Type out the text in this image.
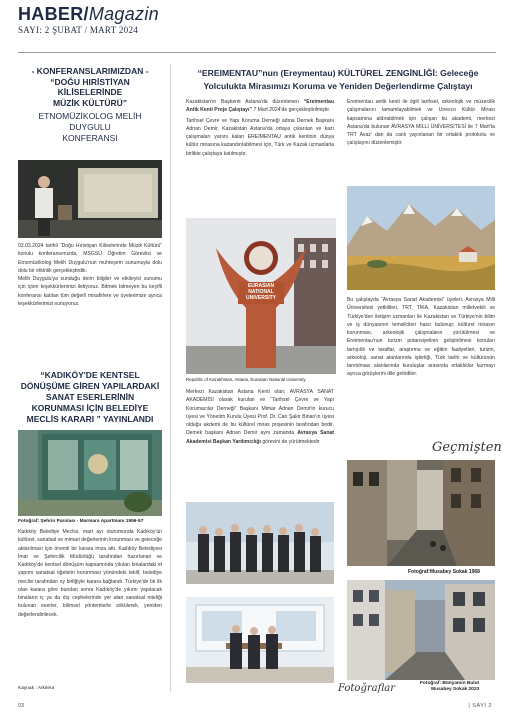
HABER/Magazin
SAYI: 2 ŞUBAT / MART 2024
- KONFERANSLARIMIZDAN -
“DOĞU HIRİSTİYAN
KİLİSELERİNDE
MÜZİK KÜLTÜRÜ”
ETNOMÜZİKOLOG MELİH DUYGULU
KONFERANSI
02.03.2024 tarihli “Doğu Hıristiyan Kiliselerinde Müzik Kültürü” konulu konferansımızda, MSGSÜ Öğretim Görevlisi ve Etnomüzikolog Melih Duygulu'nun muhteşem sunumuyla dolu dolu bir etkinlik gerçekleştirdik.
Melih Duygulu'ya sunduğu derin bilgiler ve etkileyici sunumu için içten teşekkürlerimizi iletiyoruz. Bitmek bilmeyen bu keyifli konferansı katılan tüm değerli misafirlere ve üyelerimize ayrıca teşekkürlerimizi sunuyoruz.
“KADIKÖY'DE KENTSEL
DÖNÜŞÜME GİREN YAPILARDAKİ
SANAT ESERLERİNİN
KORUNMASI İÇİN BELEDİYE
MECLİS KARARI ” YAYINLANDI
Fotoğraf: Şehrin Parolası - Marmara Apartmanı 1956-57
Kadıköy Belediye Meclisi, mart ayı oturumunda Kadıköy'ün kültürel, sanatsal ve mimari değerlerinin korunması ve geleceğe aktarılması için önemli bir karara imza attı. Kadıköy Belediyesi İmar ve Şehircilik Müdürlüğü tarafından hazırlanan ve Kadıköy'de kentsel dönüşüm kapsamında yıkılan binalardaki el yapımı sanatsal öğelerin korunması yönündeki teklif, belediye meclisi tarafından oy birliğiyle karara bağlandı. Türkiye'de bir ilk olan karara göre bundan sonra Kadıköy'de yıkımı yapılacak binaların iç ya da dış cephelerinde yer alan sanatsal niteliği bulunan eserler, bilimsel yöntemlerle sökülerek, yeniden değerlendirilecek.
Kaynak : Arkitera
“EREIMENTAU”nun (Ereymentau) KÜLTÜREL ZENGİNLİĞİ: Geleceğe
Yolculukta Mirasımızı Koruma ve Yeniden Değerlendirme Çalıştayı
Kazakistan'ın Başkenti Astana'da düzenlenen “Ereimentau Antik Kenti Proje Çalıştayı” 7 Mart 2024'de gerçekleştirilmiştir.
Tarihsel Çevre ve Yapı Koruma Derneği adına Dernek Başkanı Adnan Demir, Kazakistan Astana'da ortaya çıkarılan ve kazı çalışmaları yanını kalan EREIMENTAU antik kentinin dünya kültür mirasına kazandırılabilmesi için, Türk ve Kazak uzmanlarla birlikte çalıştaya katılmıştır.
EURASIAN
NATIONAL
UNIVERSITY
Republic of Kazakhstan, Astana, Eurasian National University
Merkezi Kazakistan Astana Kenti olan; AVRASYA SANAT AKADEMİSİ olarak kurulan ve “Tarihsel Çevre ve Yapı Korumacılar Derneği” Başkanı Mimar Adnan Demir'in kurucu üyesi ve Yönetim Kurulu Üyesi Prof. Dr. Can Şakir Binan'ın üyesi olduğu akdemi de bu kültürel miras projesinin tarafından birdir. Demek başkanı Adnan Demir aynı zamanda Avrasya Sanat Akademisi Başkan Yardımcılığı görevini de yürütmektedir
Ereimentau antik kenti ile ilgili tarihsel, arkeolojik ve müzecilik çalışmalarını tamamlayabilmek ve Unesco Kültür Mirası kapsamına aldırabilmek için çalışan bu akademi, merkezi Astana'da bulunan AVRASYA MİLLİ ÜNİVERSİTESİ ile 7 Mart'ta TRT Avaz' dan da canlı yayınlanan bir ortaklık protokolu ve çalıştayını düzenlemiştir.
Bu çalıştayda “Avrasya Sanat Akademisi” üyeleri, Avrasya Milli Üniversitesi yetkilileri, TRT, TİKA, Kazakistan milletvekili ve Türkiye'den iletişim uzmanları ile Kazakistan ve Türkiye'nin bilim ve iş dünyasının temsilcileri hazır bulunup; kültürel mirasın korunması, arkeolojik çalışmaların yürütülmesi ve Ereimentau'nun turizm potansiyelinin geliştirilmesi konuları tartışıldı ve taraflar, araştırma ve eğitim faaliyetleri, turizm, arkeoloji, sanat alanlarında işbirliği, Türk tarihi ve kültürünün tanıtılması alanlarında kuruluşlar arasında ortaklıklar kurmayı ayrıca görüşlerini dile getirdiler.
Geçmişten
Fotoğraf:Musabey Sokak 1968
Fotoğraflar	Fotoğraf: Bünyamin Bulut
Musabey Sokak 2023
03	| SAYI 2
